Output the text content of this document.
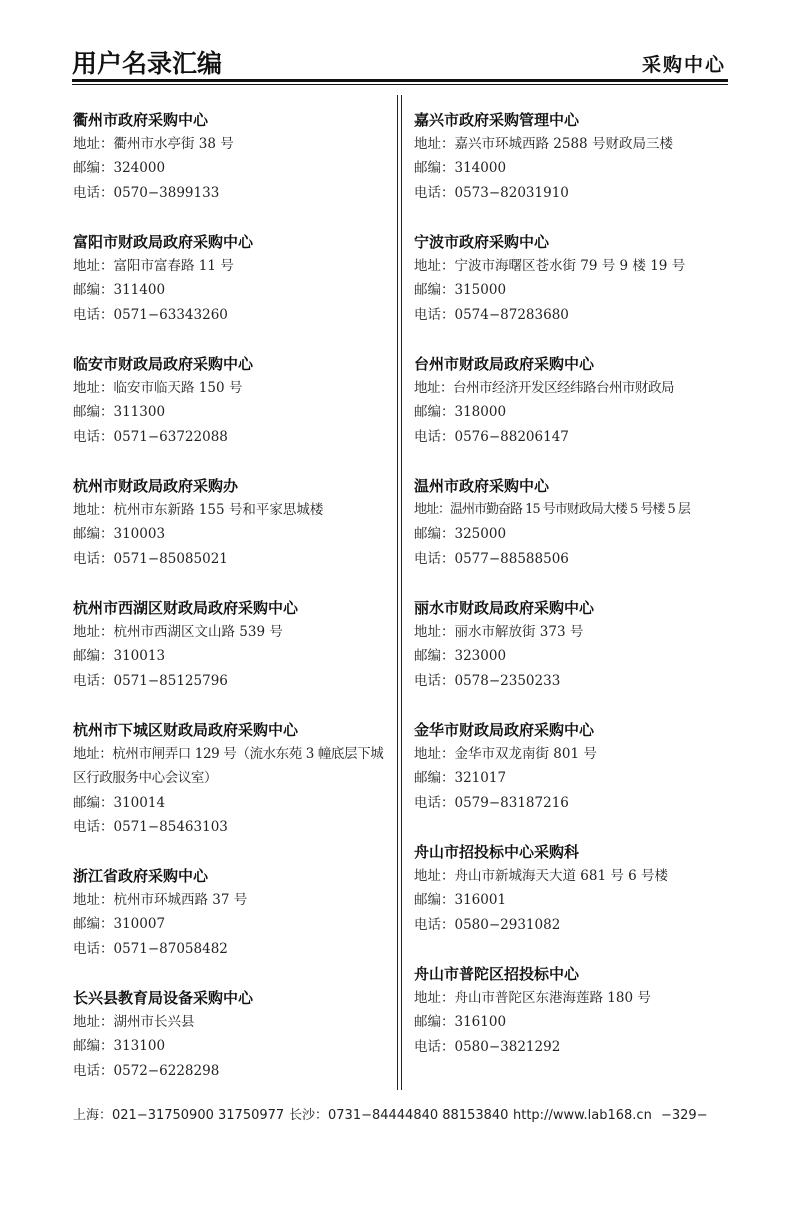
用户名录汇编	采购中心
衢州市政府采购中心
地址：衢州市水亭街 38 号
邮编：324000
电话：0570−3899133
富阳市财政局政府采购中心
地址：富阳市富春路 11 号
邮编：311400
电话：0571−63343260
临安市财政局政府采购中心
地址：临安市临天路 150 号
邮编：311300
电话：0571−63722088
杭州市财政局政府采购办
地址：杭州市东新路 155 号和平家思城楼
邮编：310003
电话：0571−85085021
杭州市西湖区财政局政府采购中心
地址：杭州市西湖区文山路 539 号
邮编：310013
电话：0571−85125796
杭州市下城区财政局政府采购中心
地址：杭州市闸弄口 129 号（流水东苑 3 幢底层下城区行政服务中心会议室）
邮编：310014
电话：0571−85463103
浙江省政府采购中心
地址：杭州市环城西路 37 号
邮编：310007
电话：0571−87058482
长兴县教育局设备采购中心
地址：湖州市长兴县
邮编：313100
电话：0572−6228298
嘉兴市政府采购管理中心
地址：嘉兴市环城西路 2588 号财政局三楼
邮编：314000
电话：0573−82031910
宁波市政府采购中心
地址：宁波市海曙区苍水街 79 号 9 楼 19 号
邮编：315000
电话：0574−87283680
台州市财政局政府采购中心
地址：台州市经济开发区经纬路台州市财政局
邮编：318000
电话：0576−88206147
温州市政府采购中心
地址：温州市勤奋路 15 号市财政局大楼 5 号楼 5 层
邮编：325000
电话：0577−88588506
丽水市财政局政府采购中心
地址：丽水市解放街 373 号
邮编：323000
电话：0578−2350233
金华市财政局政府采购中心
地址：金华市双龙南街 801 号
邮编：321017
电话：0579−83187216
舟山市招投标中心采购科
地址：舟山市新城海天大道 681 号 6 号楼
邮编：316001
电话：0580−2931082
舟山市普陀区招投标中心
地址：舟山市普陀区东港海莲路 180 号
邮编：316100
电话：0580−3821292
上海：021−31750900 31750977 长沙：0731−84444840 88153840 http://www.lab168.cn −329−
